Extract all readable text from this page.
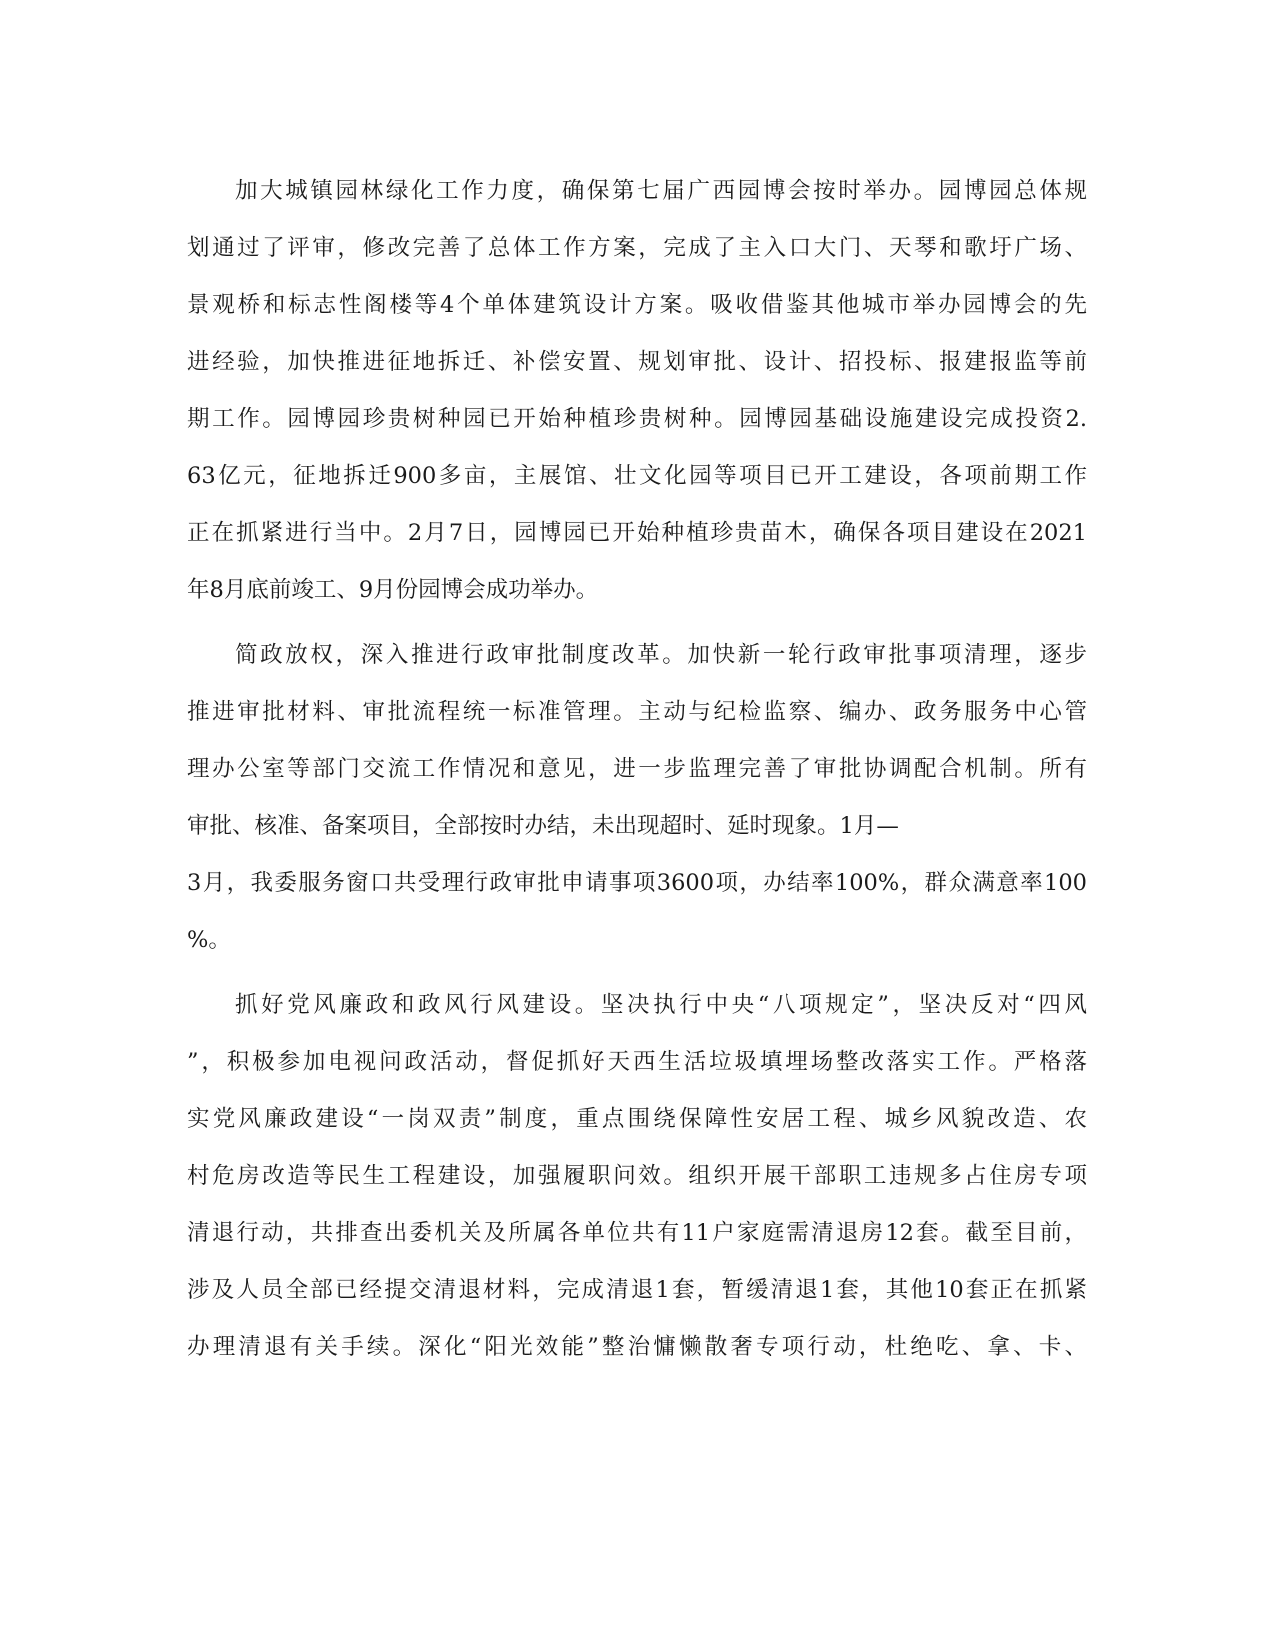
加大城镇园林绿化工作力度，确保第七届广西园博会按时举办。园博园总体规
划通过了评审，修改完善了总体工作方案，完成了主入口大门、天琴和歌圩广场、
景观桥和标志性阁楼等4个单体建筑设计方案。吸收借鉴其他城市举办园博会的先
进经验，加快推进征地拆迁、补偿安置、规划审批、设计、招投标、报建报监等前
期工作。园博园珍贵树种园已开始种植珍贵树种。园博园基础设施建设完成投资2.
63亿元，征地拆迁900多亩，主展馆、壮文化园等项目已开工建设，各项前期工作
正在抓紧进行当中。2月7日，园博园已开始种植珍贵苗木，确保各项目建设在2021
年8月底前竣工、9月份园博会成功举办。
简政放权，深入推进行政审批制度改革。加快新一轮行政审批事项清理，逐步
推进审批材料、审批流程统一标准管理。主动与纪检监察、编办、政务服务中心管
理办公室等部门交流工作情况和意见，进一步监理完善了审批协调配合机制。所有
审批、核准、备案项目，全部按时办结，未出现超时、延时现象。1月—
3月，我委服务窗口共受理行政审批申请事项3600项，办结率100%，群众满意率100
%。
抓好党风廉政和政风行风建设。坚决执行中央“八项规定”，坚决反对“四风
”，积极参加电视问政活动，督促抓好天西生活垃圾填埋场整改落实工作。严格落
实党风廉政建设“一岗双责”制度，重点围绕保障性安居工程、城乡风貌改造、农
村危房改造等民生工程建设，加强履职问效。组织开展干部职工违规多占住房专项
清退行动，共排查出委机关及所属各单位共有11户家庭需清退房12套。截至目前，
涉及人员全部已经提交清退材料，完成清退1套，暂缓清退1套，其他10套正在抓紧
办理清退有关手续。深化“阳光效能”整治慵懒散奢专项行动，杜绝吃、拿、卡、
